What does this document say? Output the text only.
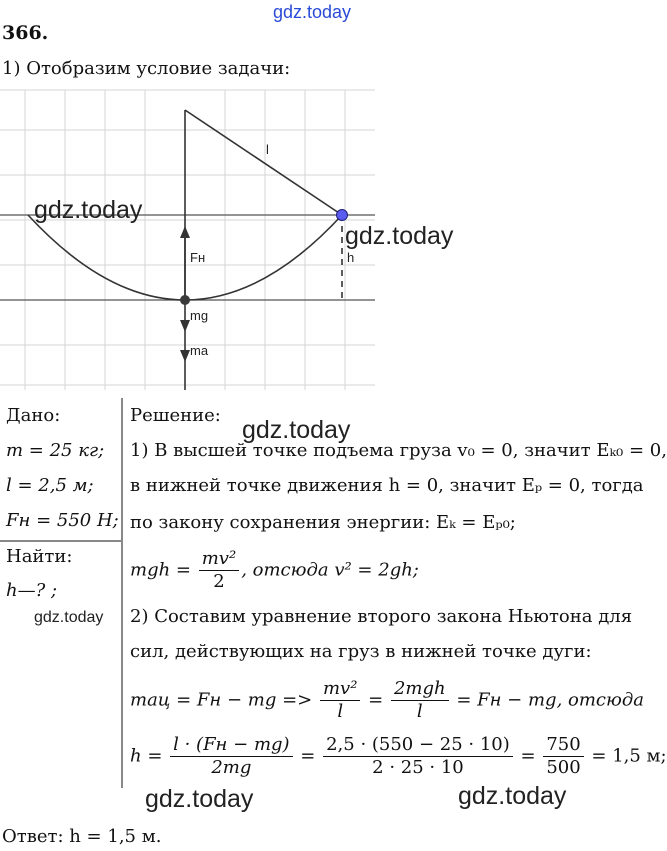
gdz.today
366.
1) Отобразим условие задачи:
l
Fн	h
mg
ma
gdz.today
gdz.today
Дано:
m = 25 кг;
l = 2,5 м;
Fн = 550 Н;
Найти:
h—? ;
gdz.today
Решение:
gdz.today
1) В высшей точке подъема груза v₀ = 0, значит Eₖ₀ = 0,
в нижней точке движения h = 0, значит Eₚ = 0, тогда
по закону сохранения энергии: Eₖ = Eₚ₀;
mgh = $\frac{\text{mv²}}{2}$ , отсюда v² = 2gh;
2) Составим уравнение второго закона Ньютона для
сил, действующих на груз в нижней точке дуги:
maц = Fн − mg => $\frac{\text{mv²}}{l} = \frac{\text{2mgh}}{l}$ = Fн − mg, отсюда
$h = \frac{l \cdot (Fн - mg)}{2mg} = \frac{2,5 \cdot (550 - 25 \cdot 10)}{2 \cdot 25 \cdot 10} = \frac{750}{500} = 1,5$ м;
gdz.today	gdz.today
Ответ: h = 1,5 м.
